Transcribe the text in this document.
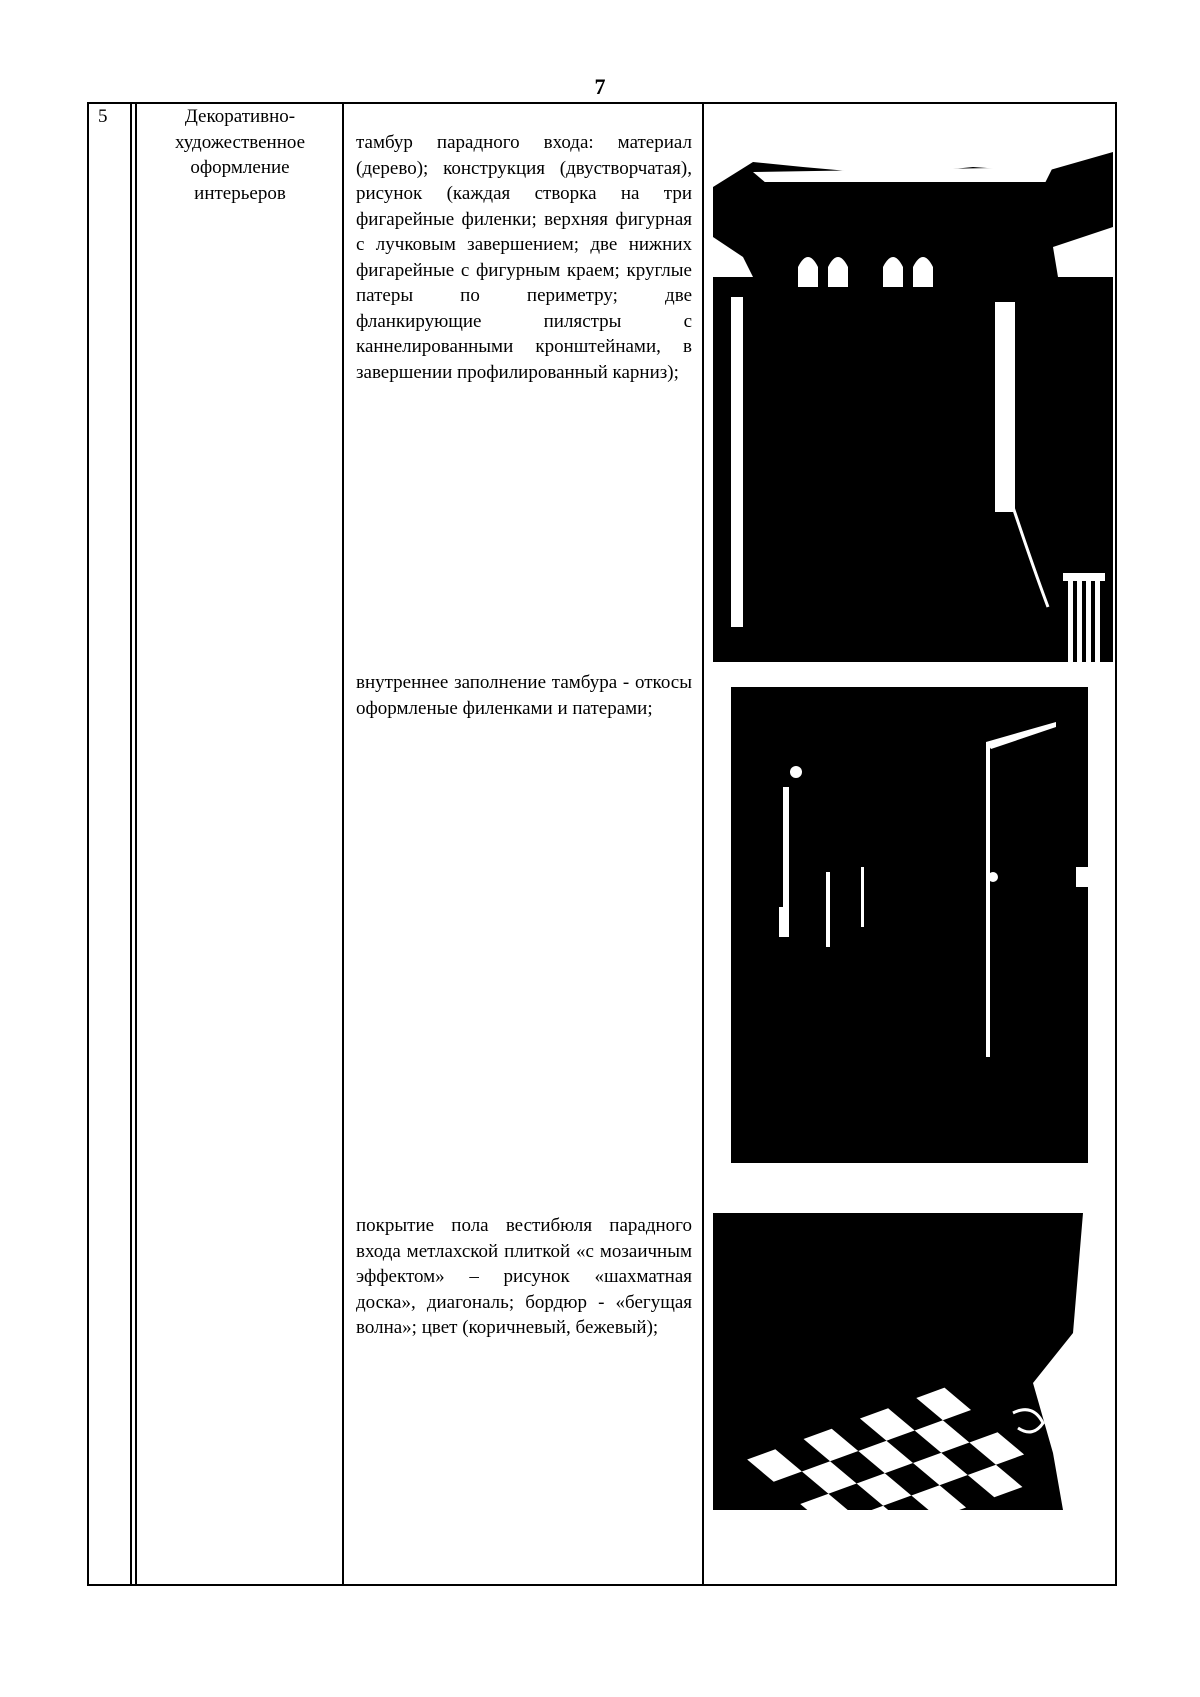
7
5	Декоративно-художественное оформление интерьеров
тамбур парадного входа: материал (дерево); конструкция (двустворчатая), рисунок (каждая створка на три фигарейные филенки; верхняя фигурная с лучковым завершением; две нижних фигарейные с фигурным краем; круглые патеры по периметру; две фланкирующие пилястры с каннелированными кронштейнами, в завершении профилированный карниз);
внутреннее заполнение тамбура - откосы оформленые филенками и патерами;
покрытие пола вестибюля парадного входа метлахской плиткой «с мозаичным эффектом» – рисунок «шахматная доска», диагональ; бордюр - «бегущая волна»; цвет (коричневый, бежевый);
